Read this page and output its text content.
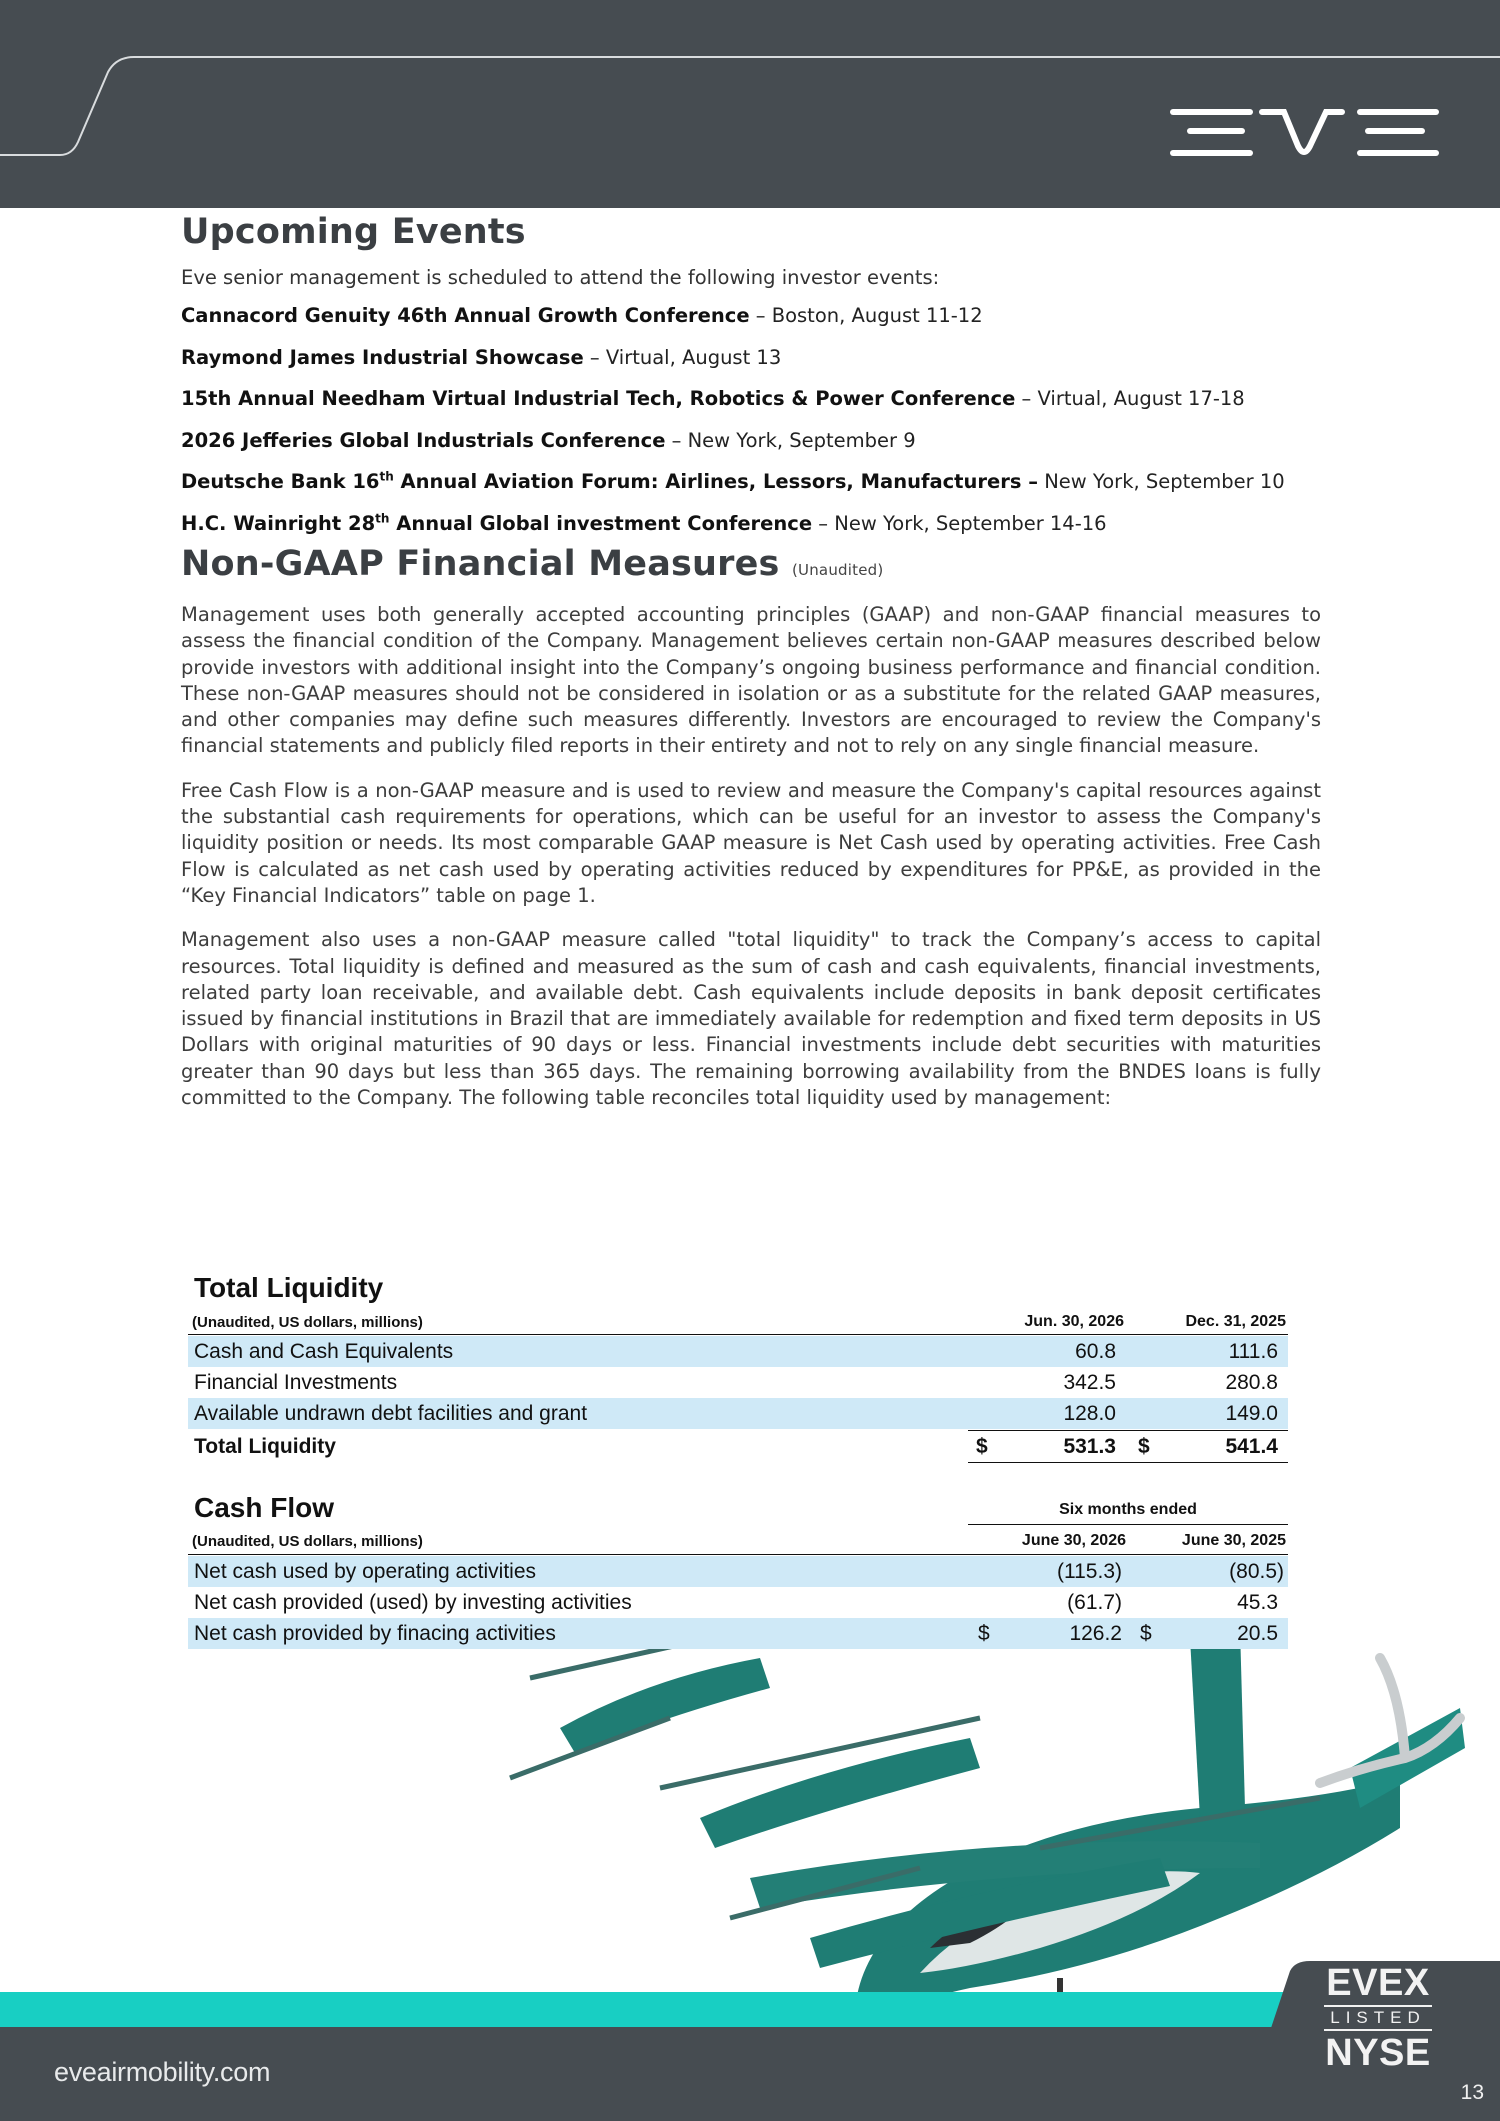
Upcoming Events

Eve senior management is scheduled to attend the following investor events:

Cannacord Genuity 46th Annual Growth Conference – Boston, August 11-12

Raymond James Industrial Showcase – Virtual, August 13

15th Annual Needham Virtual Industrial Tech, Robotics & Power Conference – Virtual, August 17-18

2026 Jefferies Global Industrials Conference – New York, September 9

Deutsche Bank 16th Annual Aviation Forum: Airlines, Lessors, Manufacturers – New York, September 10

H.C. Wainright 28th Annual Global investment Conference – New York, September 14-16

Non-GAAP Financial Measures (Unaudited)

Management uses both generally accepted accounting principles (GAAP) and non-GAAP financial measures to assess the financial condition of the Company. Management believes certain non-GAAP measures described below provide investors with additional insight into the Company’s ongoing business performance and financial condition. These non-GAAP measures should not be considered in isolation or as a substitute for the related GAAP measures, and other companies may define such measures differently. Investors are encouraged to review the Company's financial statements and publicly filed reports in their entirety and not to rely on any single financial measure.

Free Cash Flow is a non-GAAP measure and is used to review and measure the Company's capital resources against the substantial cash requirements for operations, which can be useful for an investor to assess the Company's liquidity position or needs. Its most comparable GAAP measure is Net Cash used by operating activities. Free Cash Flow is calculated as net cash used by operating activities reduced by expenditures for PP&E, as provided in the “Key Financial Indicators” table on page 1.

Management also uses a non-GAAP measure called "total liquidity" to track the Company’s access to capital resources. Total liquidity is defined and measured as the sum of cash and cash equivalents, financial investments, related party loan receivable, and available debt. Cash equivalents include deposits in bank deposit certificates issued by financial institutions in Brazil that are immediately available for redemption and fixed term deposits in US Dollars with original maturities of 90 days or less. Financial investments include debt securities with maturities greater than 90 days but less than 365 days. The remaining borrowing availability from the BNDES loans is fully committed to the Company. The following table reconciles total liquidity used by management:

Total Liquidity
(Unaudited, US dollars, millions)	Jun. 30, 2026	Dec. 31, 2025
Cash and Cash Equivalents	60.8	111.6
Financial Investments	342.5	280.8
Available undrawn debt facilities and grant	128.0	149.0
Total Liquidity	$	531.3 $	541.4
Cash Flow	Six months ended
(Unaudited, US dollars, millions)	June 30, 2026	June 30, 2025
Net cash used by operating activities	(115.3)	(80.5)
Net cash provided (used) by investing activities	(61.7)	45.3
Net cash provided by finacing activities	$	126.2 $	20.5
eveairmobility.com
EVEX
LISTED
NYSE
13
